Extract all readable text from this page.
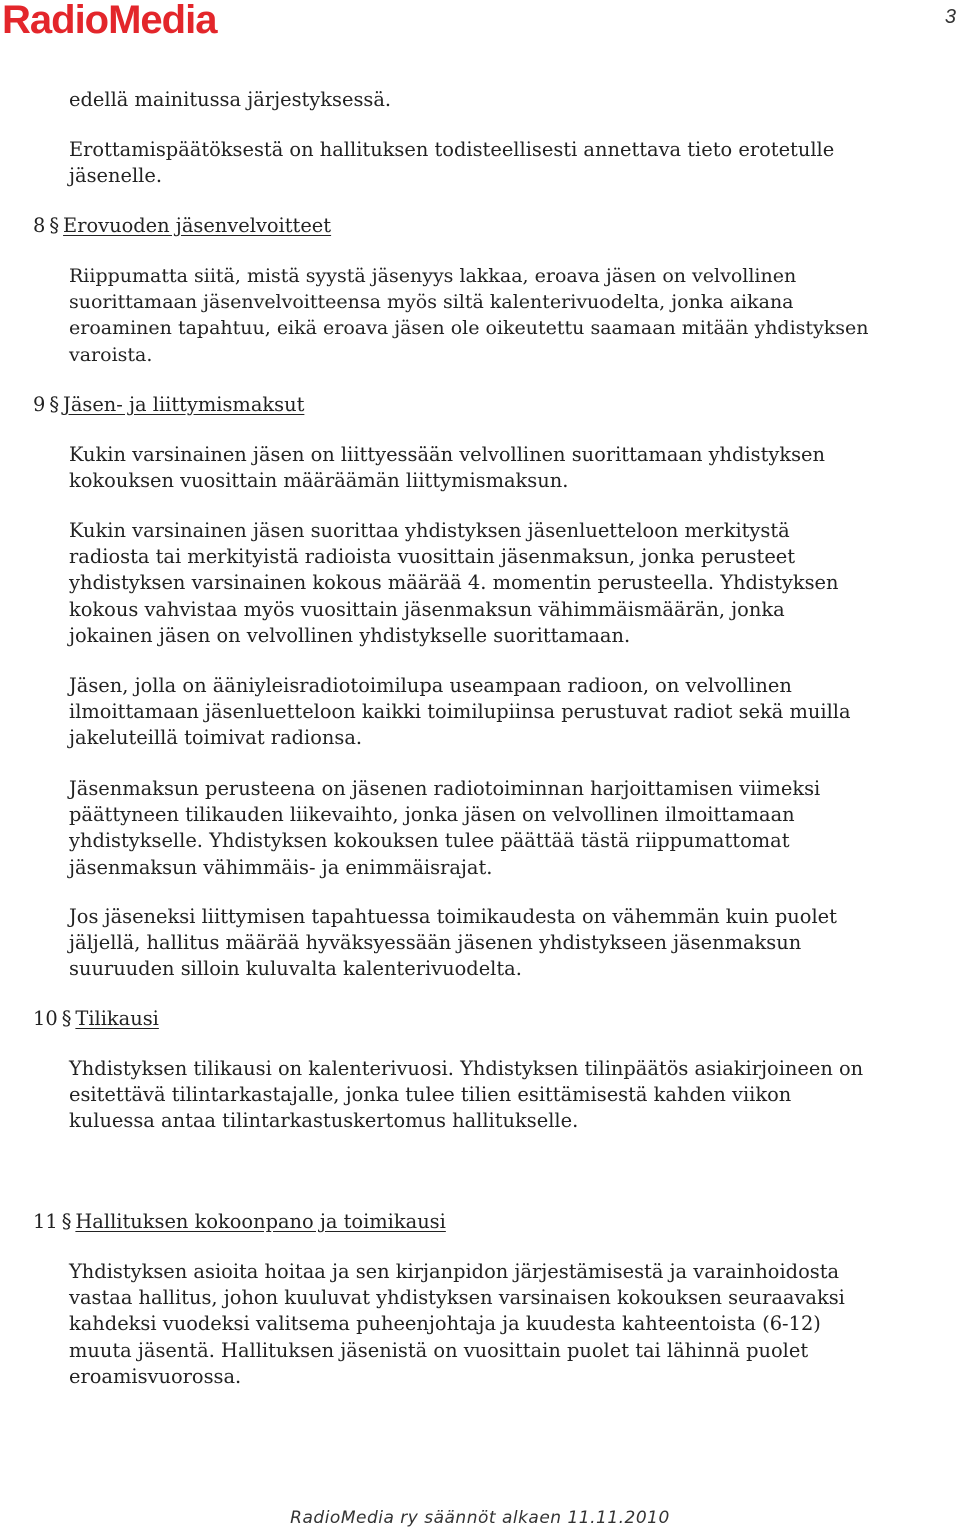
RadioMedia	3

edellä mainitussa järjestyksessä.

Erottamispäätöksestä on hallituksen todisteellisesti annettava tieto erotetulle jäsenelle.

8 § Erovuoden jäsenvelvoitteet

Riippumatta siitä, mistä syystä jäsenyys lakkaa, eroava jäsen on velvollinen suorittamaan jäsenvelvoitteensa myös siltä kalenterivuodelta, jonka aikana eroaminen tapahtuu, eikä eroava jäsen ole oikeutettu saamaan mitään yhdistyksen varoista.

9 § Jäsen- ja liittymismaksut

Kukin varsinainen jäsen on liittyessään velvollinen suorittamaan yhdistyksen kokouksen vuosittain määräämän liittymismaksun.

Kukin varsinainen jäsen suorittaa yhdistyksen jäsenluetteloon merkitystä radiosta tai merkityistä radioista vuosittain jäsenmaksun, jonka perusteet yhdistyksen varsinainen kokous määrää 4. momentin perusteella. Yhdistyksen kokous vahvistaa myös vuosittain jäsenmaksun vähimmäismäärän, jonka jokainen jäsen on velvollinen yhdistykselle suorittamaan.

Jäsen, jolla on ääniyleisradiotoimilupa useampaan radioon, on velvollinen ilmoittamaan jäsenluetteloon kaikki toimilupiinsa perustuvat radiot sekä muilla jakeluteillä toimivat radionsa.

Jäsenmaksun perusteena on jäsenen radiotoiminnan harjoittamisen viimeksi päättyneen tilikauden liikevaihto, jonka jäsen on velvollinen ilmoittamaan yhdistykselle. Yhdistyksen kokouksen tulee päättää tästä riippumattomat jäsenmaksun vähimmäis- ja enimmäisrajat.

Jos jäseneksi liittymisen tapahtuessa toimikaudesta on vähemmän kuin puolet jäljellä, hallitus määrää hyväksyessään jäsenen yhdistykseen jäsenmaksun suuruuden silloin kuluvalta kalenterivuodelta.

10 § Tilikausi

Yhdistyksen tilikausi on kalenterivuosi. Yhdistyksen tilinpäätös asiakirjoineen on esitettävä tilintarkastajalle, jonka tulee tilien esittämisestä kahden viikon kuluessa antaa tilintarkastuskertomus hallitukselle.

11 § Hallituksen kokoonpano ja toimikausi

Yhdistyksen asioita hoitaa ja sen kirjanpidon järjestämisestä ja varainhoidosta vastaa hallitus, johon kuuluvat yhdistyksen varsinaisen kokouksen seuraavaksi kahdeksi vuodeksi valitsema puheenjohtaja ja kuudesta kahteentoista (6-12) muuta jäsentä. Hallituksen jäsenistä on vuosittain puolet tai lähinnä puolet eroamisvuorossa.

RadioMedia ry säännöt alkaen 11.11.2010
